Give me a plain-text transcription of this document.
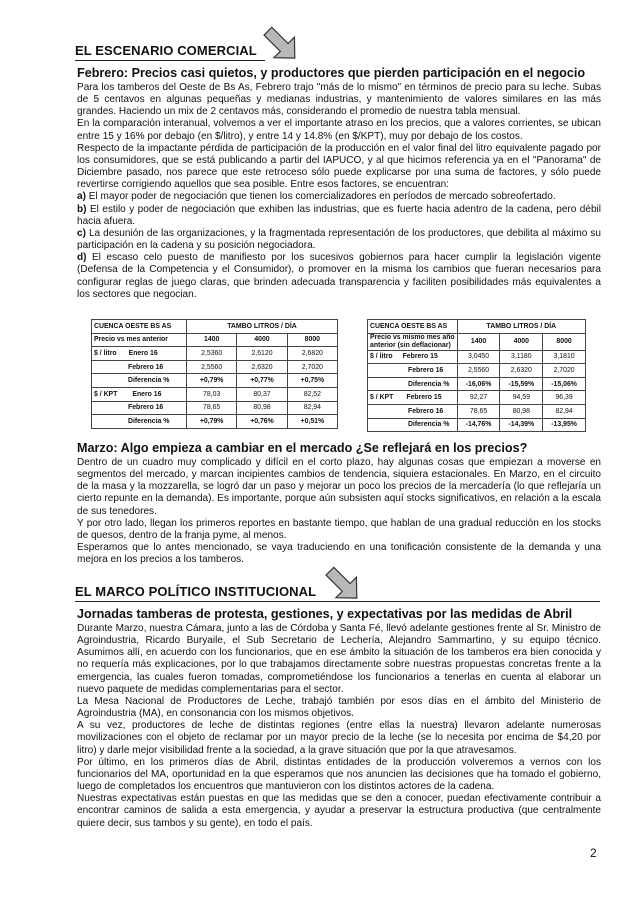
EL ESCENARIO COMERCIAL
Febrero: Precios casi quietos, y productores que pierden participación en el negocio

Para los tamberos del Oeste de Bs As, Febrero trajo "más de lo mismo" en términos de precio para su leche. Subas de 5 centavos en algunas pequeñas y medianas industrias, y mantenimiento de valores similares en las más grandes. Haciendo un mix de 2 centavos más, considerando el promedio de nuestra tabla mensual.

En la comparación interanual, volvemos a ver el importante atraso en los precios, que a valores corrientes, se ubican entre 15 y 16% por debajo (en $/litro), y entre 14 y 14.8% (en $/KPT), muy por debajo de los costos.

Respecto de la impactante pérdida de participación de la producción en el valor final del litro equivalente pagado por los consumidores, que se está publicando a partir del IAPUCO, y al que hicimos referencia ya en el "Panorama" de Diciembre pasado, nos parece que este retroceso sólo puede explicarse por una suma de factores, y sólo puede revertirse corrigiendo aquellos que sea posible. Entre esos factores, se encuentran:

a) El mayor poder de negociación que tienen los comercializadores en períodos de mercado sobreofertado.

b) El estilo y poder de negociación que exhiben las industrias, que es fuerte hacia adentro de la cadena, pero débil hacia afuera.

c) La desunión de las organizaciones, y la fragmentada representación de los productores, que debilita al máximo su participación en la cadena y su posición negociadora.

d) El escaso celo puesto de manifiesto por los sucesivos gobiernos para hacer cumplir la legislación vigente (Defensa de la Competencia y el Consumidor), o promover en la misma los cambios que fueran necesarios para configurar reglas de juego claras, que brinden adecuada transparencia y faciliten posibilidades más equivalentes a los sectores que negocian.

CUENCA OESTE BS AS	TAMBO LITROS / DÍA		
Precio vs mes anterior	1400	4000	8000
$ / litro Enero 16	2,5360	2,6120	2,6820
Febrero 16	2,5560	2,6320	2,7020
Diferencia %	+0,79%	+0,77%	+0,75%
$ / KPT Enero 16	78,03	80,37	82,52
Febrero 16	78,65	80,98	82,94
Diferencia %	+0,79%	+0,76%	+0,51%
CUENCA OESTE BS AS	TAMBO LITROS / DÍA		

Precio vs mismo mes año
anterior (sin deflacionar)	1400	4000	8000
$ / litro Febrero 15	3,0450	3,1180	3,1810
Febrero 16	2,5560	2,6320	2,7020
Diferencia %	-16,06%	-15,59%	-15,06%
$ / KPT Febrero 15	92,27	94,59	96,39
Febrero 16	78,65	80,98	82,94
Diferencia %	-14,76%	-14,39%	-13,95%
Marzo: Algo empieza a cambiar en el mercado ¿Se reflejará en los precios?

Dentro de un cuadro muy complicado y difícil en el corto plazo, hay algunas cosas que empiezan a moverse en segmentos del mercado, y marcan incipientes cambios de tendencia, siquiera estacionales. En Marzo, en el circuito de la masa y la mozzarella, se logró dar un paso y mejorar un poco los precios de la mercadería (lo que reflejaría un cierto repunte en la demanda). Es importante, porque aún subsisten aquí stocks significativos, en relación a la escala de sus tenedores.

Y por otro lado, llegan los primeros reportes en bastante tiempo, que hablan de una gradual reducción en los stocks de quesos, dentro de la franja pyme, al menos.

Esperamos que lo antes mencionado, se vaya traduciendo en una tonificación consistente de la demanda y una mejora en los precios a los tamberos.

EL MARCO POLÍTICO INSTITUCIONAL
Jornadas tamberas de protesta, gestiones, y expectativas por las medidas de Abril

Durante Marzo, nuestra Cámara, junto a las de Córdoba y Santa Fé, llevó adelante gestiones frente al Sr. Ministro de Agroindustria, Ricardo Buryaile, el Sub Secretario de Lechería, Alejandro Sammartino, y su equipo técnico. Asumimos allí, en acuerdo con los funcionarios, que en ese ámbito la situación de los tamberos era bien conocida y no requería más explicaciones, por lo que trabajamos directamente sobre nuestras propuestas concretas frente a la emergencia, las cuales fueron tomadas, comprometiéndose los funcionarios a tenerlas en cuenta al elaborar un nuevo paquete de medidas complementarias para el sector.

La Mesa Nacional de Productores de Leche, trabajó también por esos días en el ámbito del Ministerio de Agroindustria (MA), en consonancia con los mismos objetivos.

A su vez, productores de leche de distintas regiones (entre ellas la nuestra) llevaron adelante numerosas movilizaciones con el objeto de reclamar por un mayor precio de la leche (se lo necesita por encima de $4,20 por litro) y darle mejor visibilidad frente a la sociedad, a la grave situación que por la que atravesamos.

Por último, en los primeros días de Abril, distintas entidades de la producción volveremos a vernos con los funcionarios del MA, oportunidad en la que esperamos que nos anuncien las decisiones que ha tomado el gobierno, luego de completados los encuentros que mantuvieron con los distintos actores de la cadena.

Nuestras expectativas están puestas en que las medidas que se den a conocer, puedan efectivamente contribuir a encontrar caminos de salida a esta emergencia, y ayudar a preservar la estructura productiva (que centralmente quiere decir, sus tambos y su gente), en todo el país.

2
